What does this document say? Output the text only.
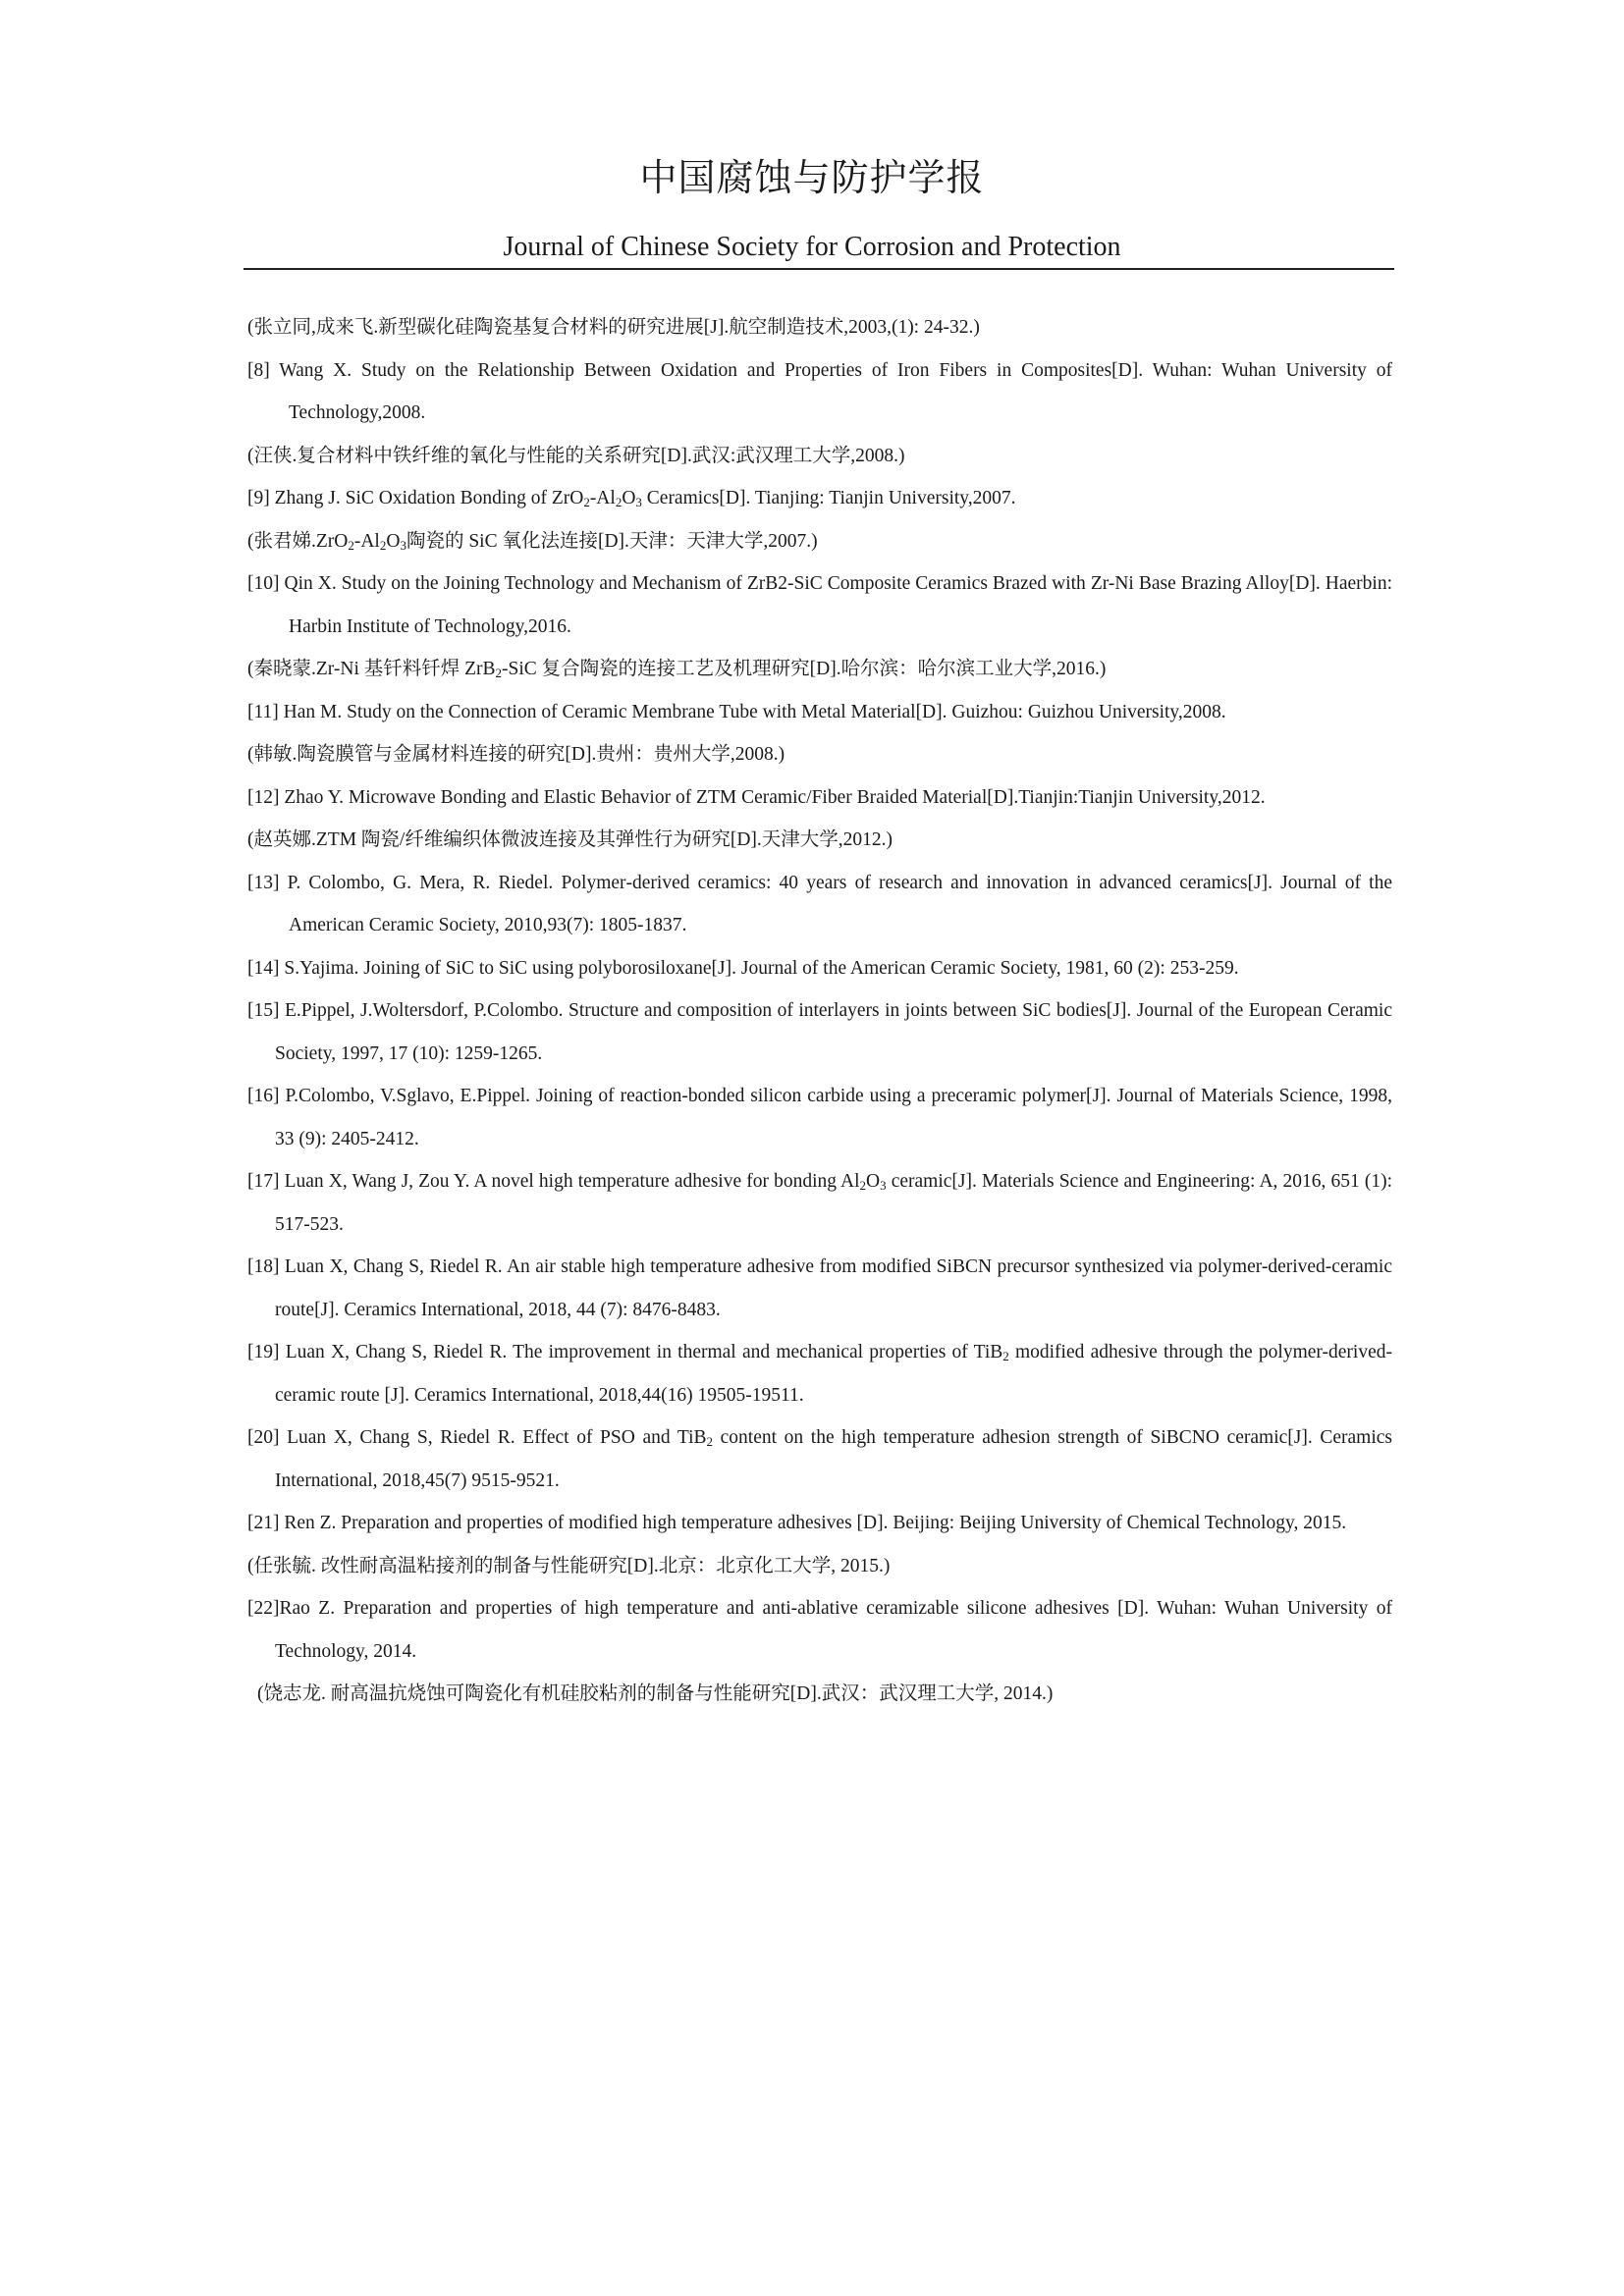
中国腐蚀与防护学报
Journal of Chinese Society for Corrosion and Protection
(张立同,成来飞.新型碳化硅陶瓷基复合材料的研究进展[J].航空制造技术,2003,(1): 24-32.)
[8] Wang X. Study on the Relationship Between Oxidation and Properties of Iron Fibers in Composites[D]. Wuhan: Wuhan University of Technology,2008.
(汪侠.复合材料中铁纤维的氧化与性能的关系研究[D].武汉:武汉理工大学,2008.)
[9] Zhang J. SiC Oxidation Bonding of $ZrO_2-Al_2O_3$ Ceramics[D]. Tianjing: Tianjin University,2007.
(张君娣$.ZrO_2-Al_2O_3$陶瓷的 SiC 氧化法连接[D].天津：天津大学,2007.)
[10] Qin X. Study on the Joining Technology and Mechanism of ZrB2-SiC Composite Ceramics Brazed with Zr-Ni Base Brazing Alloy[D]. Haerbin: Harbin Institute of Technology,2016.
(秦晓蒙.Zr-Ni 基钎料钎焊 ZrB$_2$-SiC 复合陶瓷的连接工艺及机理研究[D].哈尔滨：哈尔滨工业大学,2016.)
[11] Han M. Study on the Connection of Ceramic Membrane Tube with Metal Material[D]. Guizhou: Guizhou University,2008.
(韩敏.陶瓷膜管与金属材料连接的研究[D].贵州：贵州大学,2008.)
[12] Zhao Y. Microwave Bonding and Elastic Behavior of ZTM Ceramic/Fiber Braided Material[D].Tianjin:Tianjin University,2012.
(赵英娜.ZTM 陶瓷/纤维编织体微波连接及其弹性行为研究[D].天津大学,2012.)
[13] P. Colombo, G. Mera, R. Riedel. Polymer‐derived ceramics: 40 years of research and innovation in advanced ceramics[J]. Journal of the American Ceramic Society, 2010,93(7): 1805-1837.
[14] S.Yajima. Joining of SiC to SiC using polyborosiloxane[J]. Journal of the American Ceramic Society, 1981, 60 (2): 253-259.
[15] E.Pippel, J.Woltersdorf, P.Colombo. Structure and composition of interlayers in joints between SiC bodies[J]. Journal of the European Ceramic Society, 1997, 17 (10): 1259-1265.
[16] P.Colombo, V.Sglavo, E.Pippel. Joining of reaction-bonded silicon carbide using a preceramic polymer[J]. Journal of Materials Science, 1998, 33 (9): 2405-2412.
[17] Luan X, Wang J, Zou Y. A novel high temperature adhesive for bonding $Al_2O_3$ ceramic[J]. Materials Science and Engineering: A, 2016, 651 (1): 517-523.
[18] Luan X, Chang S, Riedel R. An air stable high temperature adhesive from modified SiBCN precursor synthesized via polymer-derived-ceramic route[J]. Ceramics International, 2018, 44 (7): 8476-8483.
[19] Luan X, Chang S, Riedel R. The improvement in thermal and mechanical properties of TiB$_2$ modified adhesive through the polymer-derived-ceramic route [J]. Ceramics International, 2018,44(16) 19505-19511.
[20] Luan X, Chang S, Riedel R. Effect of PSO and TiB$_2$ content on the high temperature adhesion strength of SiBCNO ceramic[J]. Ceramics International, 2018,45(7) 9515-9521.
[21] Ren Z. Preparation and properties of modified high temperature adhesives [D]. Beijing: Beijing University of Chemical Technology, 2015.
(任张毓. 改性耐高温粘接剂的制备与性能研究[D].北京：北京化工大学, 2015.)
[22]Rao Z. Preparation and properties of high temperature and anti-ablative ceramizable silicone adhesives [D]. Wuhan: Wuhan University of Technology, 2014.
(饶志龙. 耐高温抗烧蚀可陶瓷化有机硅胶粘剂的制备与性能研究[D].武汉：武汉理工大学, 2014.)
